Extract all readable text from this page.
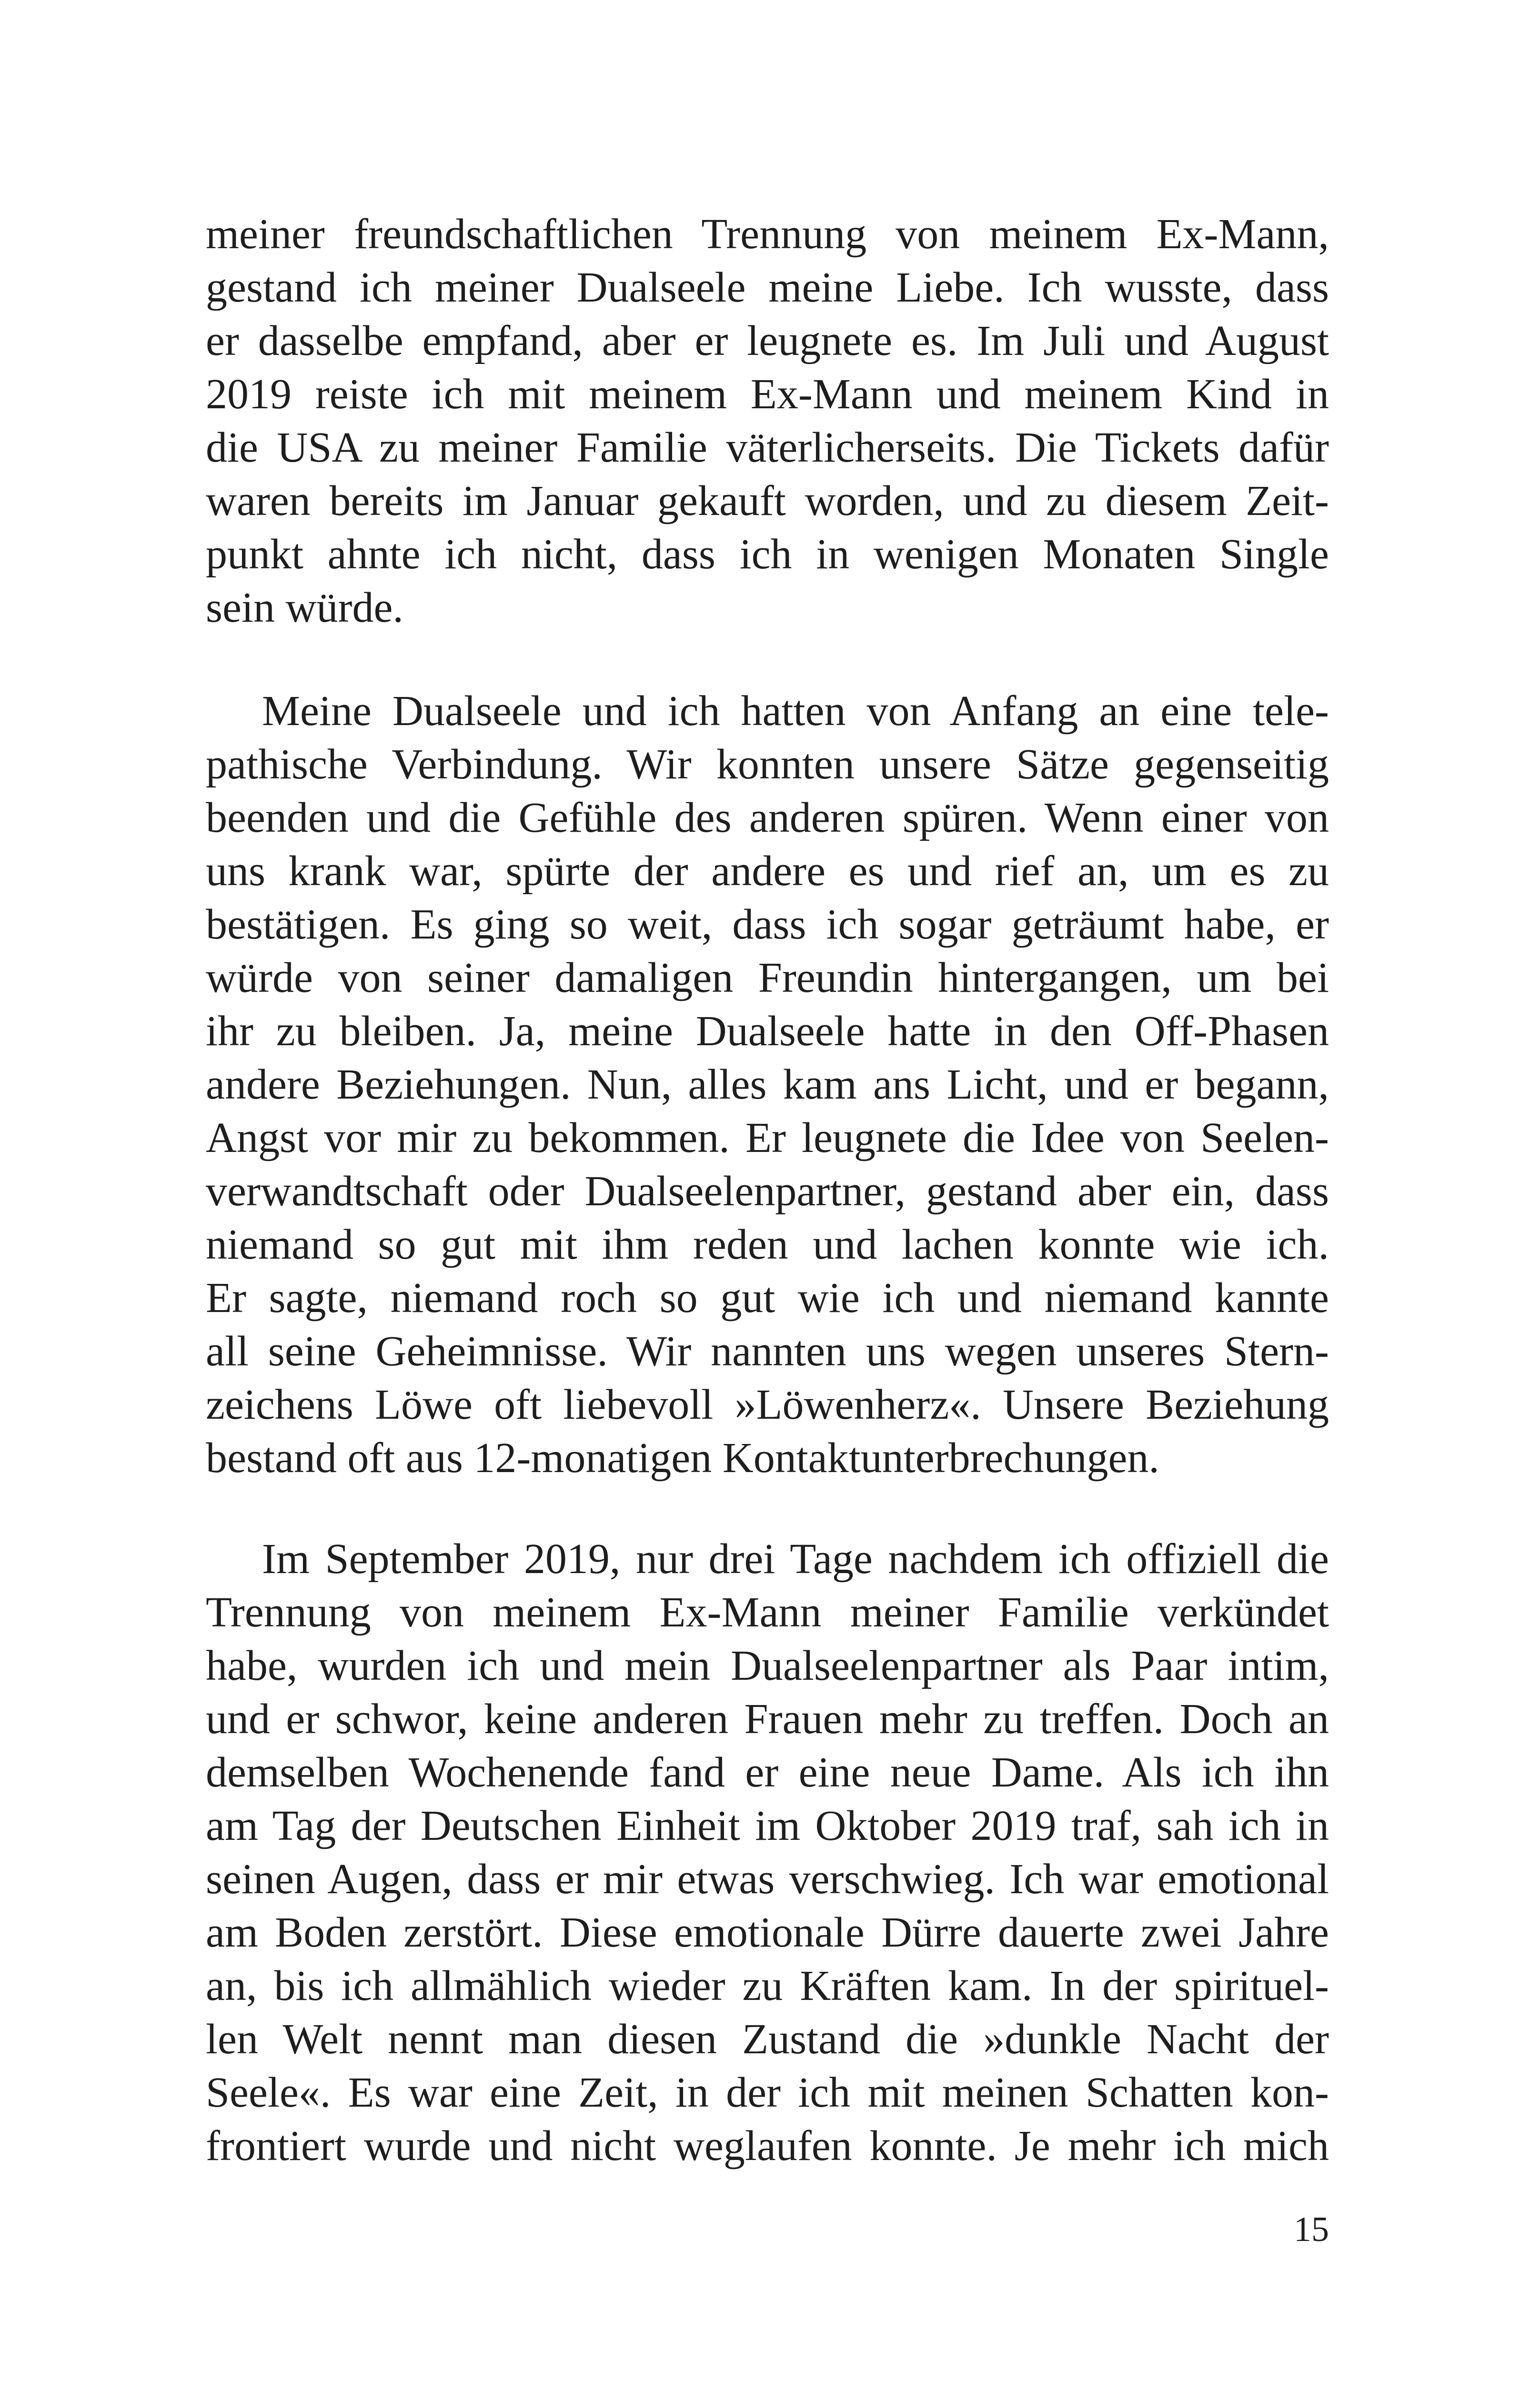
meiner freundschaftlichen Trennung von meinem Ex-Mann,
gestand ich meiner Dualseele meine Liebe. Ich wusste, dass
er dasselbe empfand, aber er leugnete es. Im Juli und August
2019 reiste ich mit meinem Ex-Mann und meinem Kind in
die USA zu meiner Familie väterlicherseits. Die Tickets dafür
waren bereits im Januar gekauft worden, und zu diesem Zeit-
punkt ahnte ich nicht, dass ich in wenigen Monaten Single
sein würde.
Meine Dualseele und ich hatten von Anfang an eine tele-
pathische Verbindung. Wir konnten unsere Sätze gegenseitig
beenden und die Gefühle des anderen spüren. Wenn einer von
uns krank war, spürte der andere es und rief an, um es zu
bestätigen. Es ging so weit, dass ich sogar geträumt habe, er
würde von seiner damaligen Freundin hintergangen, um bei
ihr zu bleiben. Ja, meine Dualseele hatte in den Off-Phasen
andere Beziehungen. Nun, alles kam ans Licht, und er begann,
Angst vor mir zu bekommen. Er leugnete die Idee von Seelen-
verwandtschaft oder Dualseelenpartner, gestand aber ein, dass
niemand so gut mit ihm reden und lachen konnte wie ich.
Er sagte, niemand roch so gut wie ich und niemand kannte
all seine Geheimnisse. Wir nannten uns wegen unseres Stern-
zeichens Löwe oft liebevoll »Löwenherz«. Unsere Beziehung
bestand oft aus 12-monatigen Kontaktunterbrechungen.
Im September 2019, nur drei Tage nachdem ich offiziell die
Trennung von meinem Ex-Mann meiner Familie verkündet
habe, wurden ich und mein Dualseelenpartner als Paar intim,
und er schwor, keine anderen Frauen mehr zu treffen. Doch an
demselben Wochenende fand er eine neue Dame. Als ich ihn
am Tag der Deutschen Einheit im Oktober 2019 traf, sah ich in
seinen Augen, dass er mir etwas verschwieg. Ich war emotional
am Boden zerstört. Diese emotionale Dürre dauerte zwei Jahre
an, bis ich allmählich wieder zu Kräften kam. In der spirituel-
len Welt nennt man diesen Zustand die »dunkle Nacht der
Seele«. Es war eine Zeit, in der ich mit meinen Schatten kon-
frontiert wurde und nicht weglaufen konnte. Je mehr ich mich
15
